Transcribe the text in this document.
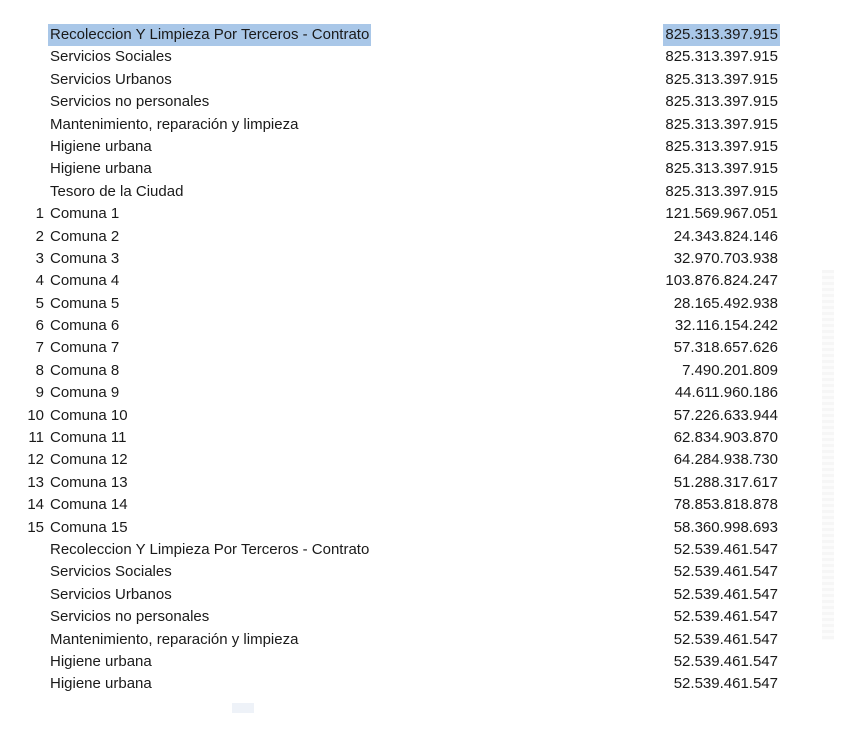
Recoleccion Y Limpieza Por Terceros - Contrato	825.313.397.915
Servicios Sociales	825.313.397.915
Servicios Urbanos	825.313.397.915
Servicios no personales	825.313.397.915
Mantenimiento, reparación y limpieza	825.313.397.915
Higiene urbana	825.313.397.915
Higiene urbana	825.313.397.915
Tesoro de la Ciudad	825.313.397.915
1 Comuna 1	121.569.967.051
2 Comuna 2	24.343.824.146
3 Comuna 3	32.970.703.938
4 Comuna 4	103.876.824.247
5 Comuna 5	28.165.492.938
6 Comuna 6	32.116.154.242
7 Comuna 7	57.318.657.626
8 Comuna 8	7.490.201.809
9 Comuna 9	44.611.960.186
10 Comuna 10	57.226.633.944
11 Comuna 11	62.834.903.870
12 Comuna 12	64.284.938.730
13 Comuna 13	51.288.317.617
14 Comuna 14	78.853.818.878
15 Comuna 15	58.360.998.693
Recoleccion Y Limpieza Por Terceros - Contrato	52.539.461.547
Servicios Sociales	52.539.461.547
Servicios Urbanos	52.539.461.547
Servicios no personales	52.539.461.547
Mantenimiento, reparación y limpieza	52.539.461.547
Higiene urbana	52.539.461.547
Higiene urbana	52.539.461.547
